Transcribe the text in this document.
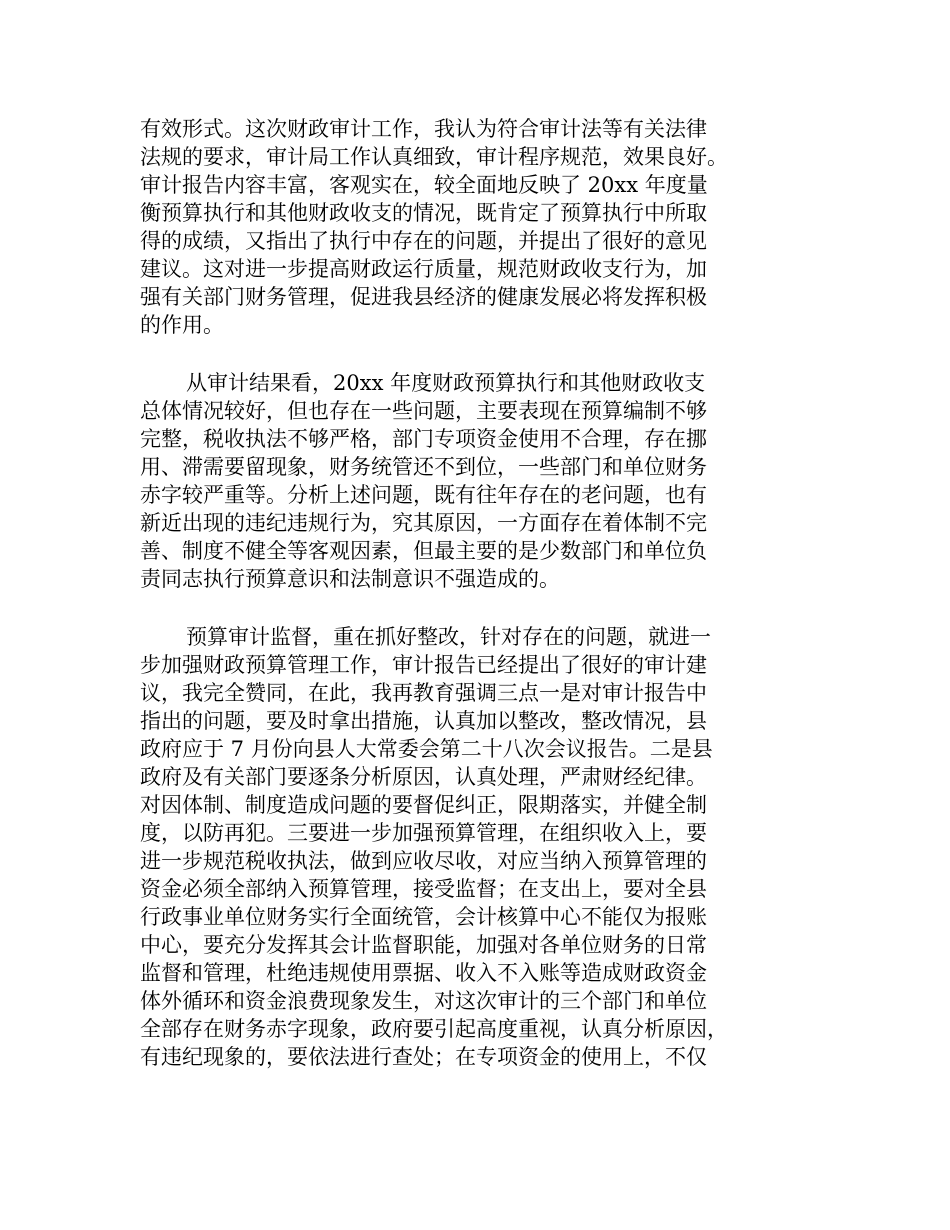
有效形式。这次财政审计工作，我认为符合审计法等有关法律
法规的要求，审计局工作认真细致，审计程序规范，效果良好。
审计报告内容丰富，客观实在，较全面地反映了 20xx 年度量
衡预算执行和其他财政收支的情况，既肯定了预算执行中所取
得的成绩，又指出了执行中存在的问题，并提出了很好的意见
建议。这对进一步提高财政运行质量，规范财政收支行为，加
强有关部门财务管理，促进我县经济的健康发展必将发挥积极
的作用。
从审计结果看，20xx 年度财政预算执行和其他财政收支
总体情况较好，但也存在一些问题，主要表现在预算编制不够
完整，税收执法不够严格，部门专项资金使用不合理，存在挪
用、滞需要留现象，财务统管还不到位，一些部门和单位财务
赤字较严重等。分析上述问题，既有往年存在的老问题，也有
新近出现的违纪违规行为，究其原因，一方面存在着体制不完
善、制度不健全等客观因素，但最主要的是少数部门和单位负
责同志执行预算意识和法制意识不强造成的。
预算审计监督，重在抓好整改，针对存在的问题，就进一
步加强财政预算管理工作，审计报告已经提出了很好的审计建
议，我完全赞同，在此，我再教育强调三点一是对审计报告中
指出的问题，要及时拿出措施，认真加以整改，整改情况，县
政府应于 7 月份向县人大常委会第二十八次会议报告。二是县
政府及有关部门要逐条分析原因，认真处理，严肃财经纪律。
对因体制、制度造成问题的要督促纠正，限期落实，并健全制
度，以防再犯。三要进一步加强预算管理，在组织收入上，要
进一步规范税收执法，做到应收尽收，对应当纳入预算管理的
资金必须全部纳入预算管理，接受监督；在支出上，要对全县
行政事业单位财务实行全面统管，会计核算中心不能仅为报账
中心，要充分发挥其会计监督职能，加强对各单位财务的日常
监督和管理，杜绝违规使用票据、收入不入账等造成财政资金
体外循环和资金浪费现象发生，对这次审计的三个部门和单位
全部存在财务赤字现象，政府要引起高度重视，认真分析原因，
有违纪现象的，要依法进行查处；在专项资金的使用上，不仅
